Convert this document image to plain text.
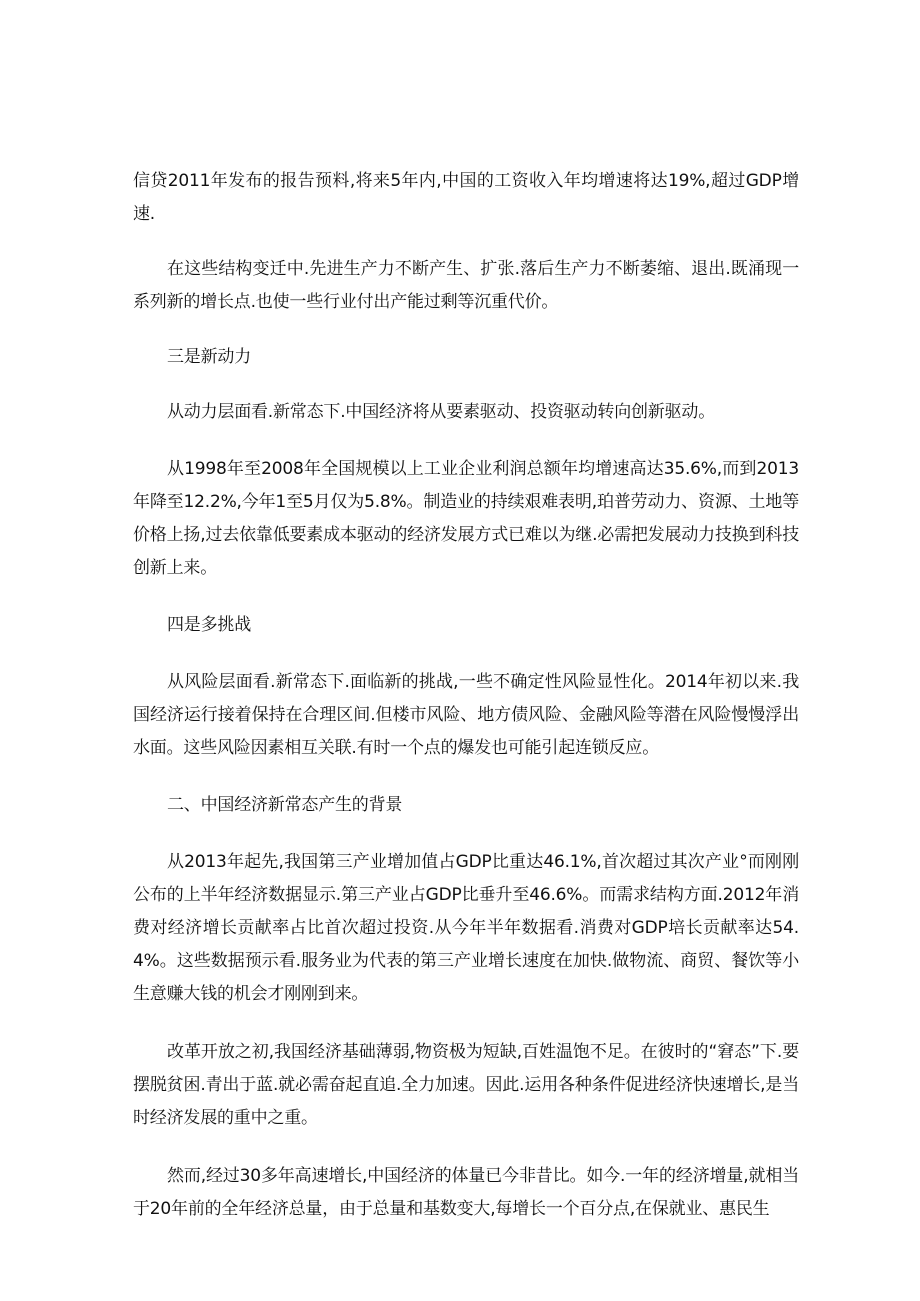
信贷2011年发布的报告预料,将来5年内,中国的工资收入年均增速将达19%,超过GDP增速.

在这些结构变迁中.先进生产力不断产生、扩张.落后生产力不断萎缩、退出.既涌现一系列新的增长点.也使一些行业付出产能过剩等沉重代价。

三是新动力

从动力层面看.新常态下.中国经济将从要素驱动、投资驱动转向创新驱动。

从1998年至2008年全国规模以上工业企业利润总额年均增速高达35.6%,而到2013年降至12.2%,今年1至5月仅为5.8%。制造业的持续艰难表明,珀普劳动力、资源、土地等价格上扬,过去依靠低要素成本驱动的经济发展方式已难以为继.必需把发展动力技换到科技创新上来。

四是多挑战

从风险层面看.新常态下.面临新的挑战,一些不确定性风险显性化。2014年初以来.我国经济运行接着保持在合理区间.但楼市风险、地方债风险、金融风险等潜在风险慢慢浮出水面。这些风险因素相互关联.有时一个点的爆发也可能引起连锁反应。

二、中国经济新常态产生的背景

从2013年起先,我国第三产业增加值占GDP比重达46.1%,首次超过其次产业°而刚刚公布的上半年经济数据显示.第三产业占GDP比垂升至46.6%。而需求结构方面.2012年消费对经济增长贡献率占比首次超过投资.从今年半年数据看.消费对GDP培长贡献率达54.4%。这些数据预示看.服务业为代表的第三产业增长速度在加快.做物流、商贸、餐饮等小生意赚大钱的机会才刚刚到来。

改革开放之初,我国经济基础薄弱,物资极为短缺,百姓温饱不足。在彼时的“窘态”下.要摆脱贫困.青出于蓝.就必需奋起直追.全力加速。因此.运用各种条件促进经济快速增长,是当时经济发展的重中之重。

然而,经过30多年高速增长,中国经济的体量已今非昔比。如今.一年的经济增量,就相当于20年前的全年经济总量，由于总量和基数变大,每增长一个百分点,在保就业、惠民生
